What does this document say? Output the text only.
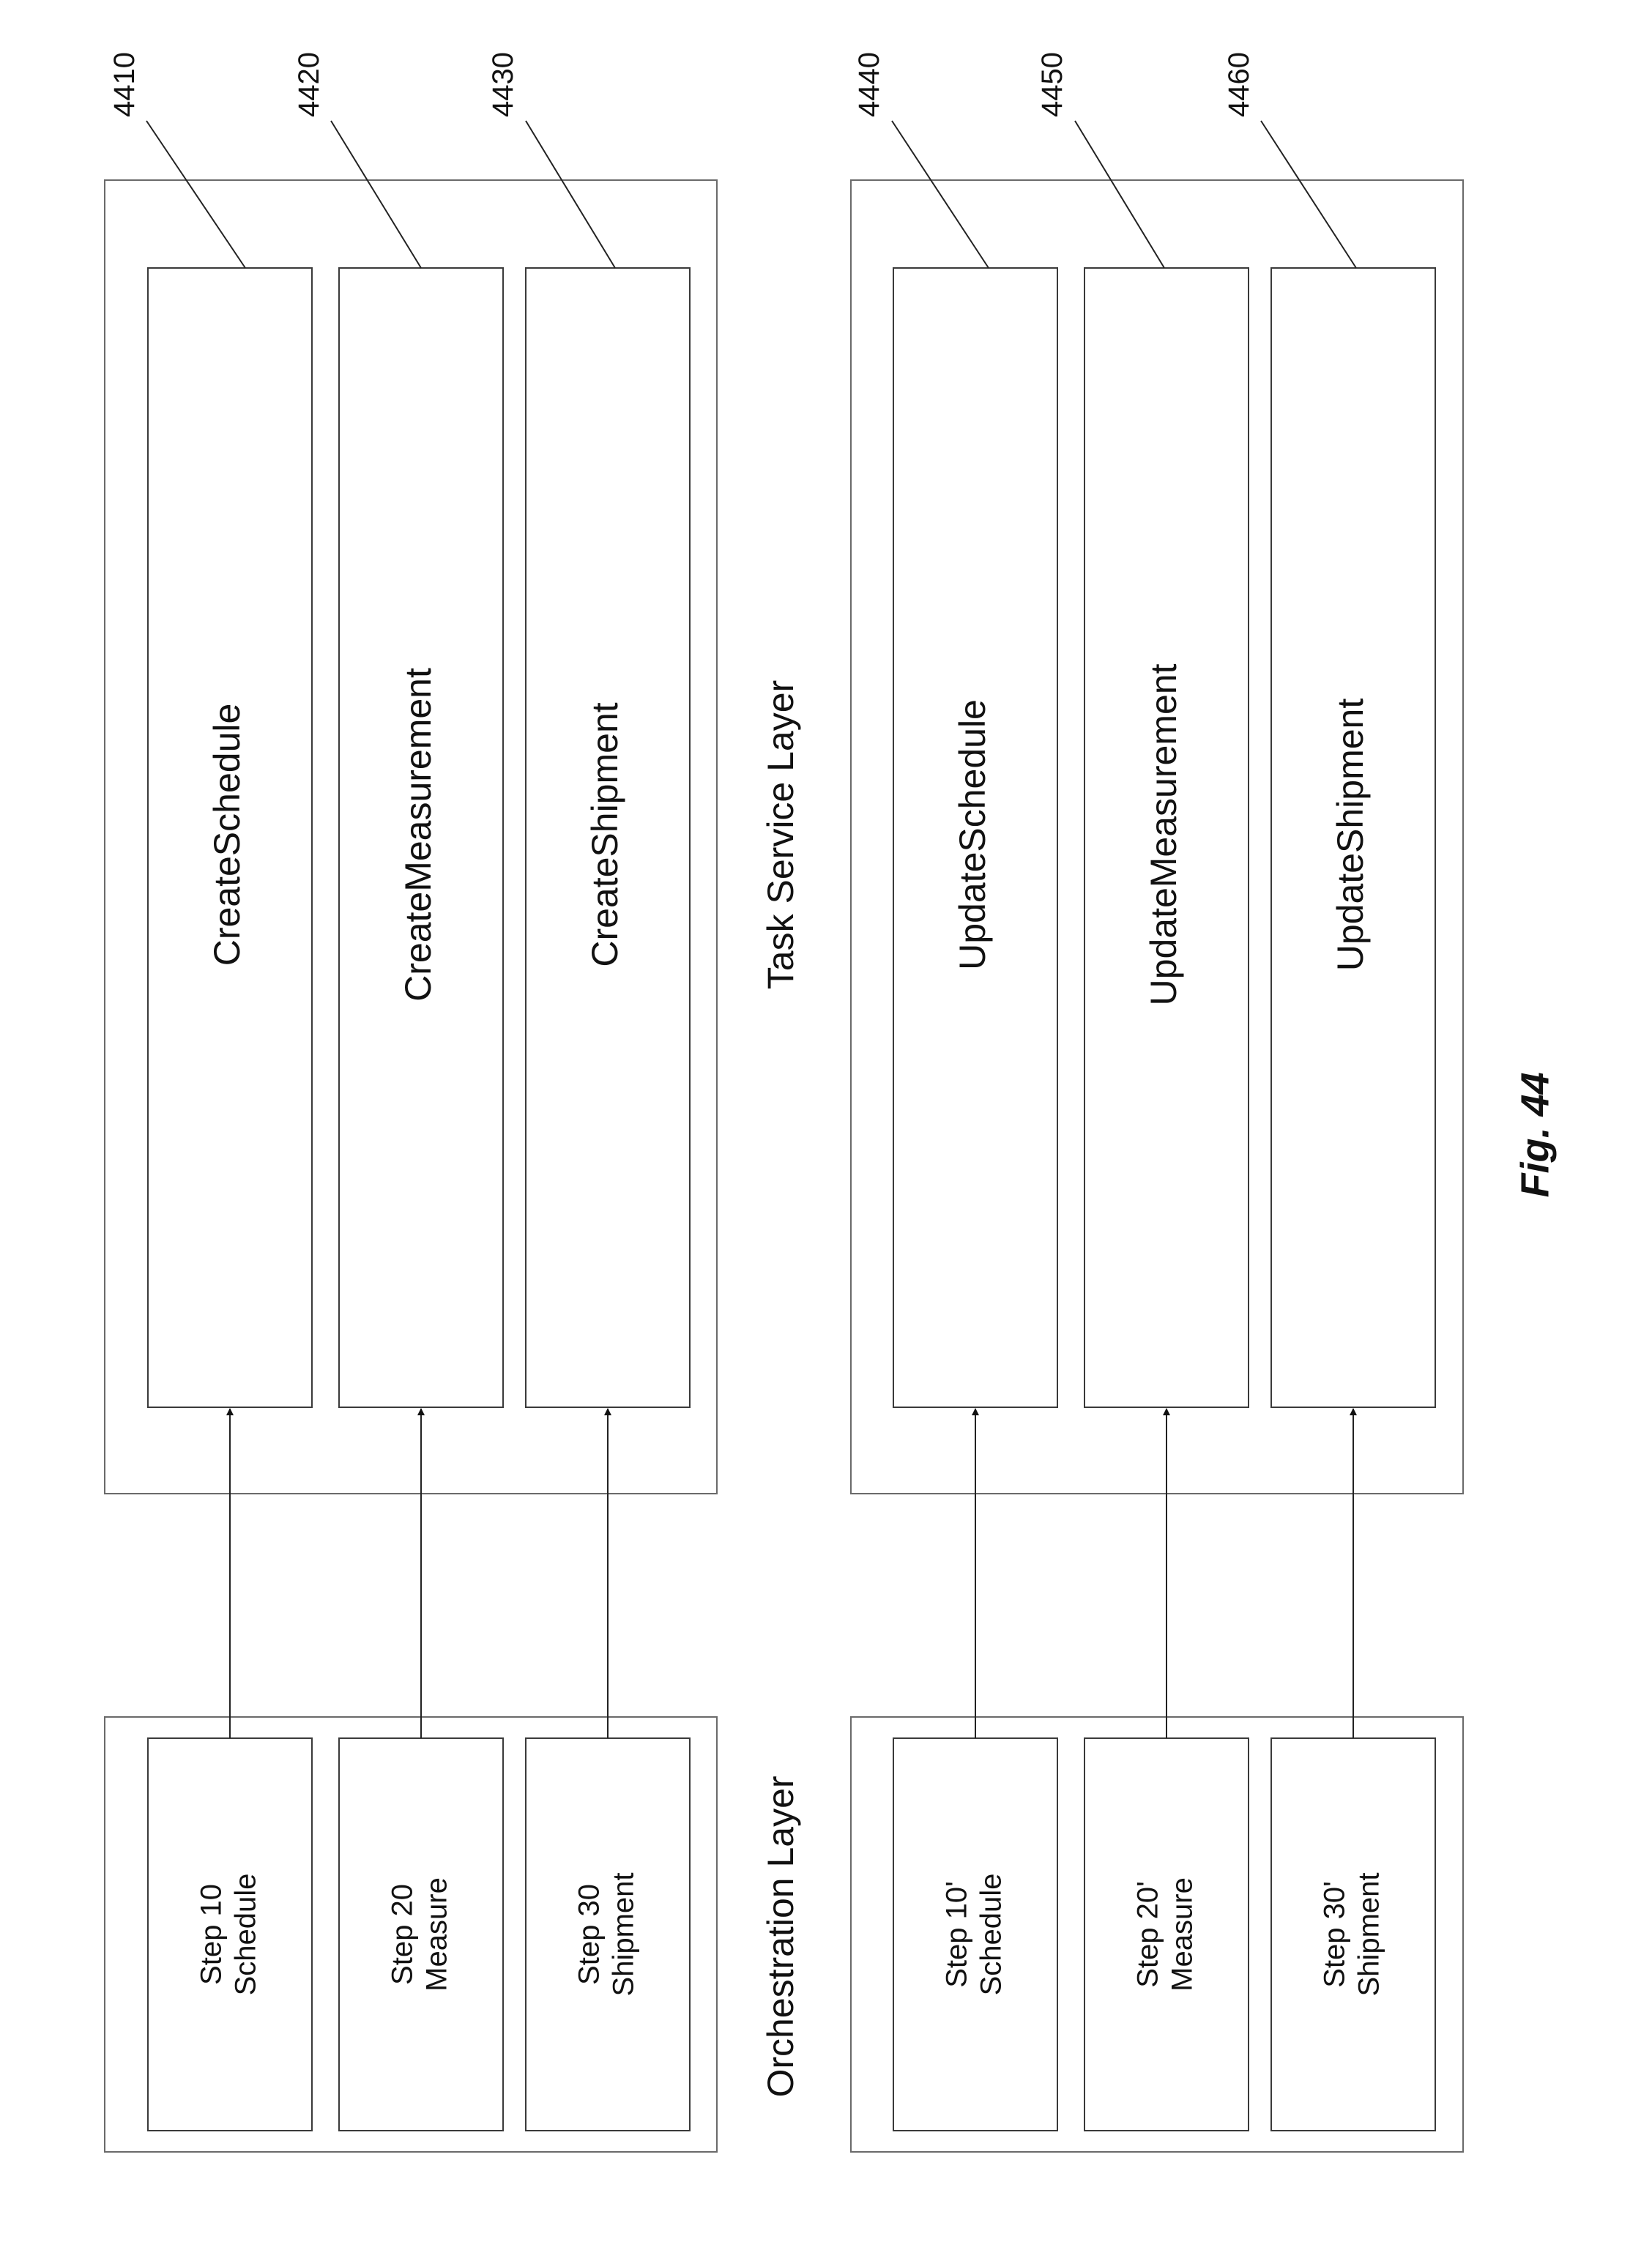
4410	4420	4430	4440	4450	4460
CreateSchedule	CreateMeasurement	CreateShipment	UpdateSchedule	UpdateMeasurement	UpdateShipment
Task Service Layer
Orchestration Layer
Step 10 Schedule	Step 20 Measure	Step 30 Shipment	Step 10' Schedule	Step 20' Measure	Step 30' Shipment
Fig. 44
